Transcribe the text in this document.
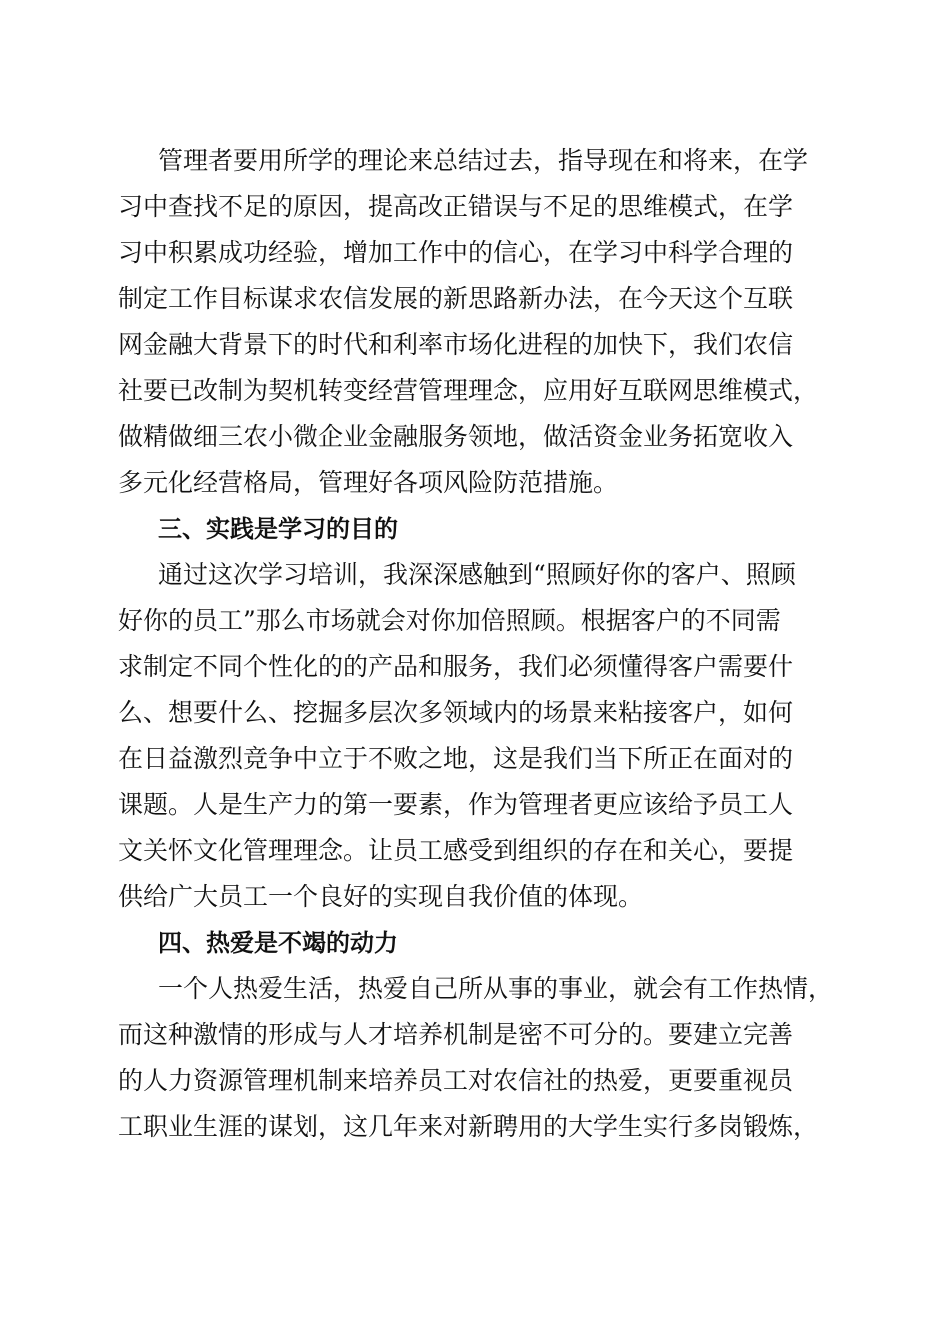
管理者要用所学的理论来总结过去，指导现在和将来，在学
习中查找不足的原因，提高改正错误与不足的思维模式，在学
习中积累成功经验，增加工作中的信心，在学习中科学合理的
制定工作目标谋求农信发展的新思路新办法，在今天这个互联
网金融大背景下的时代和利率市场化进程的加快下，我们农信
社要已改制为契机转变经营管理理念，应用好互联网思维模式，
做精做细三农小微企业金融服务领地，做活资金业务拓宽收入
多元化经营格局，管理好各项风险防范措施。
三、实践是学习的目的
通过这次学习培训，我深深感触到“照顾好你的客户、照顾
好你的员工”那么市场就会对你加倍照顾。根据客户的不同需
求制定不同个性化的的产品和服务，我们必须懂得客户需要什
么、想要什么、挖掘多层次多领域内的场景来粘接客户，如何
在日益激烈竞争中立于不败之地，这是我们当下所正在面对的
课题。人是生产力的第一要素，作为管理者更应该给予员工人
文关怀文化管理理念。让员工感受到组织的存在和关心，要提
供给广大员工一个良好的实现自我价值的体现。
四、热爱是不竭的动力
一个人热爱生活，热爱自己所从事的事业，就会有工作热情，
而这种激情的形成与人才培养机制是密不可分的。要建立完善
的人力资源管理机制来培养员工对农信社的热爱，更要重视员
工职业生涯的谋划，这几年来对新聘用的大学生实行多岗锻炼，
